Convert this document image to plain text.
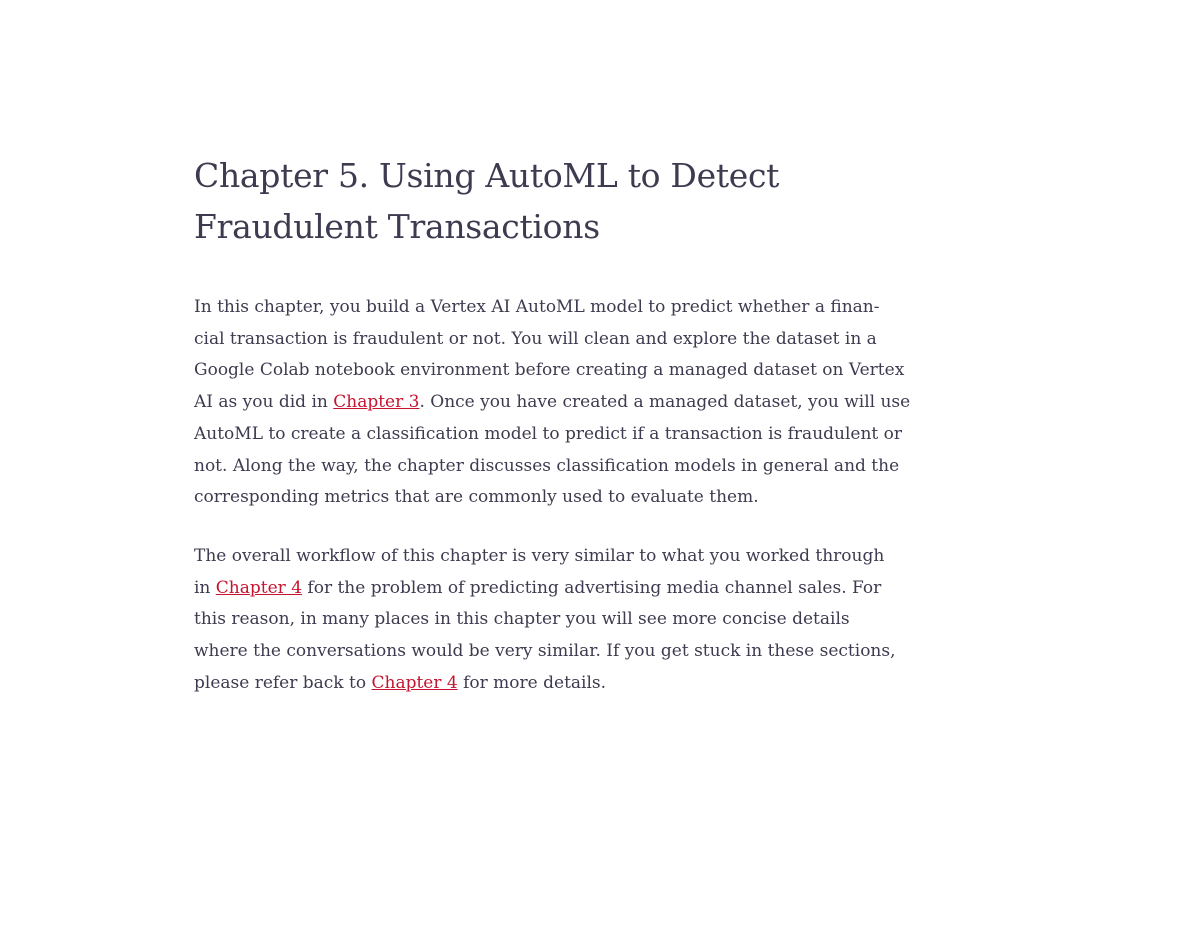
Chapter 5. Using AutoML to Detect
Fraudulent Transactions

In this chapter, you build a Vertex AI AutoML model to predict whether a finan-
cial transaction is fraudulent or not. You will clean and explore the dataset in a
Google Colab notebook environment before creating a managed dataset on Vertex
AI as you did in Chapter 3. Once you have created a managed dataset, you will use
AutoML to create a classification model to predict if a transaction is fraudulent or
not. Along the way, the chapter discusses classification models in general and the
corresponding metrics that are commonly used to evaluate them.

The overall workflow of this chapter is very similar to what you worked through
in Chapter 4 for the problem of predicting advertising media channel sales. For
this reason, in many places in this chapter you will see more concise details
where the conversations would be very similar. If you get stuck in these sections,
please refer back to Chapter 4 for more details.
